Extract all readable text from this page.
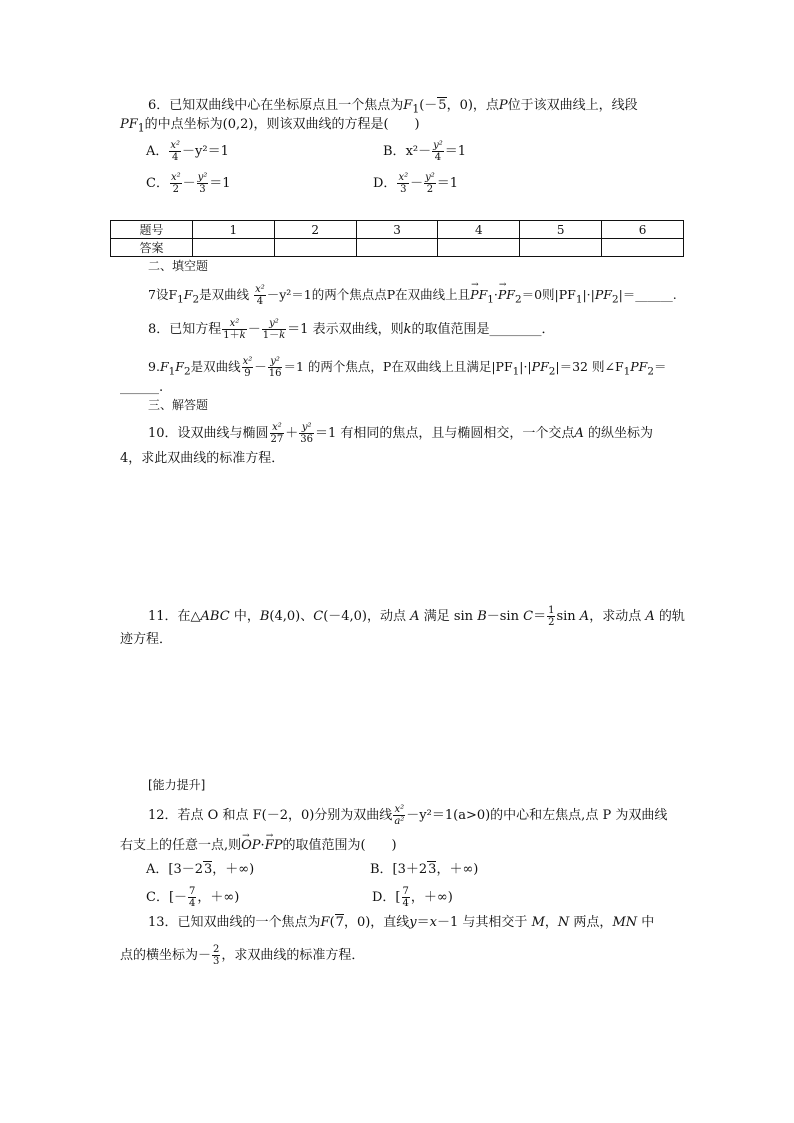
6．已知双曲线中心在坐标原点且一个焦点为$F_1(-5$，0)，点P位于该双曲线上，线段
$PF_1$的中点坐标为(0,2)，则该双曲线的方程是(　　)
A． $\frac{\text{x²}}{4} -y^2=1$	B．$x^2- \frac{\text{y²}}{4} =1$
C． $\frac{\text{x²}}{2} - \frac{\text{y²}}{3} =1$	D． $\frac{\text{x²}}{3} - \frac{\text{y²}}{2} =1$
题号	1	2	3	4	5	6
答案						
二、填空题
7设$F_1F_2$是双曲线 $\frac{\text{x²}}{4} -y^2=1$的两个焦点点P在双曲线上且→ $PF_1\cdot\to PF_2=0$则$|PF_1|\cdot|PF_2|=\_\_\_\_\_\_$.
8．已知方程 $\frac{\text{x²}}{1+k} - \frac{\text{y²}}{1-k} =1$ 表示双曲线，则k的取值范围是________．
$9.F_1F_2$是双曲线 $\frac{\text{x²}}{9} - \frac{\text{y²}}{16} =1$ 的两个焦点，P在双曲线上且满足$|PF_1|\cdot|PF_2|=32$ 则$\angle F_1PF_2=$
______.
三、解答题
10．设双曲线与椭圆 $\frac{\text{x²}}{27} + \frac{\text{y²}}{36} =1$ 有相同的焦点，且与椭圆相交，一个交点A 的纵坐标为
4，求此双曲线的标准方程．
11．在△ABC 中，B(4,0)、C(－4,0)，动点 A 满足 sin B－sin $C= \frac{1}{2}$ sin A，求动点 A 的轨
迹方程．
[能力提升]
12．若点 O 和点 F(－2，0)分别为双曲线 $\frac{\text{x²}}{\text{a²}} -y^2=1(a>0)$的中心和左焦点,点 P 为双曲线
右支上的任意一点,则→ OP·→ FP的取值范围为(　　)
A．[3－23，＋∞)	B．[3＋23，＋∞)
C．[－ $\frac{7}{4}$ ，＋∞)	D．[ $\frac{7}{4}$ ，＋∞)
13．已知双曲线的一个焦点为F(7，0)，直线y＝x－1 与其相交于 M，N 两点，MN 中
点的横坐标为－ $\frac{2}{3}$ ，求双曲线的标准方程．
